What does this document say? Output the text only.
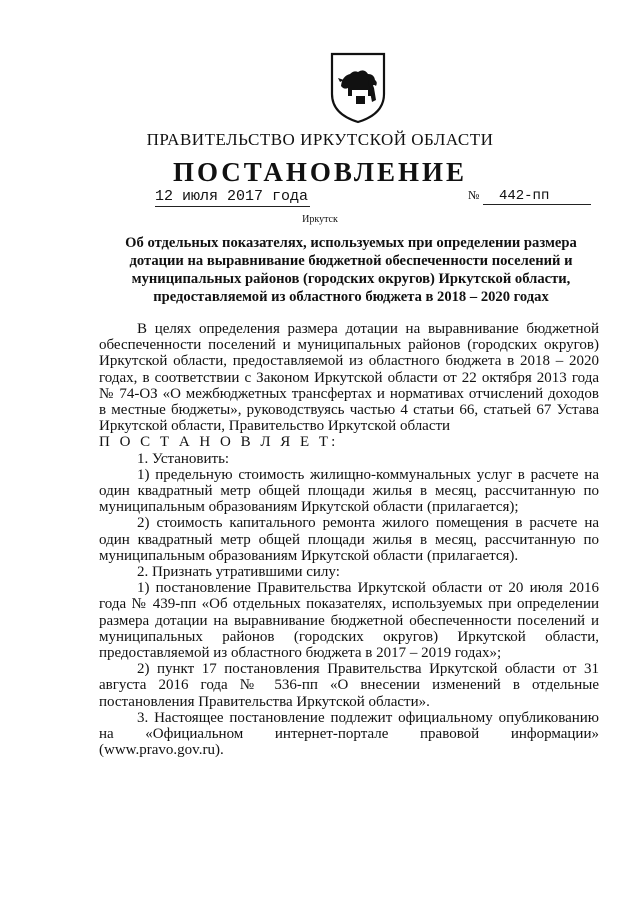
ПРАВИТЕЛЬСТВО ИРКУТСКОЙ ОБЛАСТИ
ПОСТАНОВЛЕНИЕ
12 июля 2017 года	№ 442-пп
Иркутск
Об отдельных показателях, используемых при определении размера
дотации на выравнивание бюджетной обеспеченности поселений и
муниципальных районов (городских округов) Иркутской области,
предоставляемой из областного бюджета в 2018 – 2020 годах

В целях определения размера дотации на выравнивание бюджетной обеспеченности поселений и муниципальных районов (городских округов) Иркутской области, предоставляемой из областного бюджета в 2018 – 2020 годах, в соответствии с Законом Иркутской области от 22 октября 2013 года № 74-ОЗ «О межбюджетных трансфертах и нормативах отчислений доходов в местные бюджеты», руководствуясь частью 4 статьи 66, статьей 67 Устава Иркутской области, Правительство Иркутской области

П О С Т А Н О В Л Я Е Т:

1. Установить:

1) предельную стоимость жилищно-коммунальных услуг в расчете на один квадратный метр общей площади жилья в месяц, рассчитанную по муниципальным образованиям Иркутской области (прилагается);

2) стоимость капитального ремонта жилого помещения в расчете на один квадратный метр общей площади жилья в месяц, рассчитанную по муниципальным образованиям Иркутской области (прилагается).

2. Признать утратившими силу:

1) постановление Правительства Иркутской области от 20 июля 2016 года № 439-пп «Об отдельных показателях, используемых при определении размера дотации на выравнивание бюджетной обеспеченности поселений и муниципальных районов (городских округов) Иркутской области, предоставляемой из областного бюджета в 2017 – 2019 годах»;

2) пункт 17 постановления Правительства Иркутской области от 31 августа 2016 года № 536-пп «О внесении изменений в отдельные постановления Правительства Иркутской области».

3. Настоящее постановление подлежит официальному опубликованию на «Официальном интернет-портале правовой информации» (www.pravo.gov.ru).
